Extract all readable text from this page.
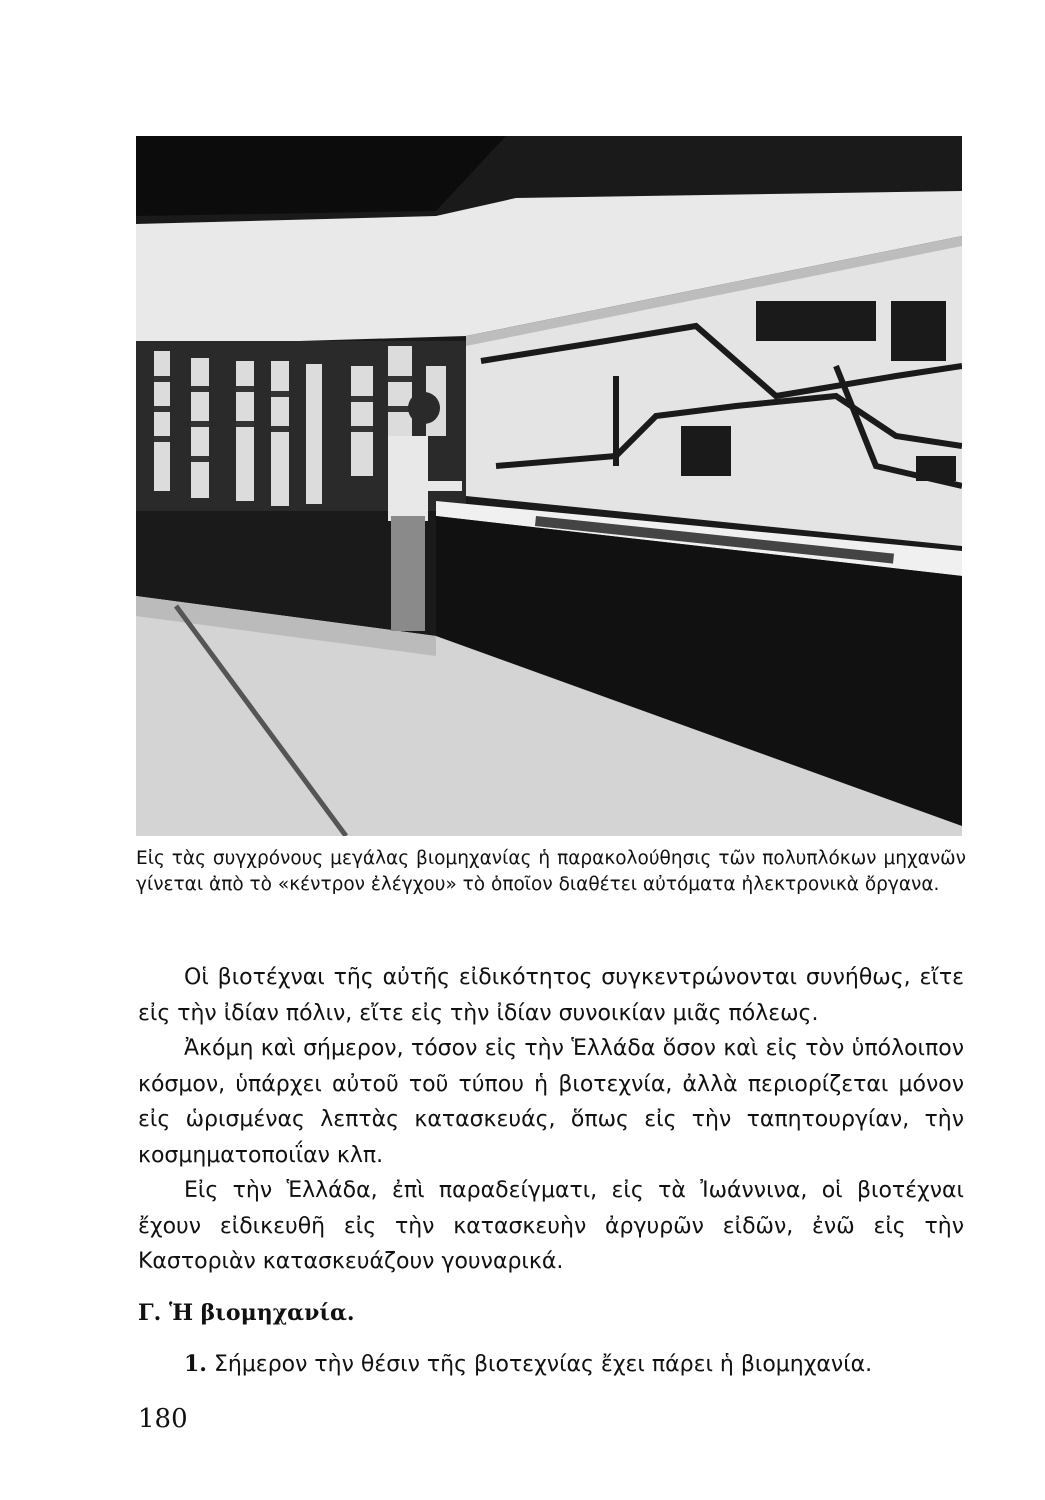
Εἰς τὰς συγχρόνους μεγάλας βιομηχανίας ἡ παρακολούθησις τῶν πολυπλόκων μηχανῶν γίνεται ἀπὸ τὸ «κέντρον ἐλέγχου» τὸ ὁποῖον διαθέτει αὐτόματα ἠλεκτρονικὰ ὄργανα.
Οἱ βιοτέχναι τῆς αὐτῆς εἰδικότητος συγκεντρώνονται συνήθως, εἴτε εἰς τὴν ἰδίαν πόλιν, εἴτε εἰς τὴν ἰδίαν συνοικίαν μιᾶς πόλεως.
Ἀκόμη καὶ σήμερον, τόσον εἰς τὴν Ἑλλάδα ὅσον καὶ εἰς τὸν ὑπόλοιπον κόσμον, ὑπάρχει αὐτοῦ τοῦ τύπου ἡ βιοτεχνία, ἀλλὰ περιορίζεται μόνον εἰς ὡρισμένας λεπτὰς κατασκευάς, ὅπως εἰς τὴν ταπητουργίαν, τὴν κοσμηματοποιΐαν κλπ.
Εἰς τὴν Ἑλλάδα, ἐπὶ παραδείγματι, εἰς τὰ Ἰωάννινα, οἱ βιοτέχναι ἔχουν εἰδικευθῆ εἰς τὴν κατασκευὴν ἀργυρῶν εἰδῶν, ἐνῶ εἰς τὴν Καστοριὰν κατασκευάζουν γουναρικά.
Γ. Ἡ βιομηχανία.
1. Σήμερον τὴν θέσιν τῆς βιοτεχνίας ἔχει πάρει ἡ βιομηχανία.
180
